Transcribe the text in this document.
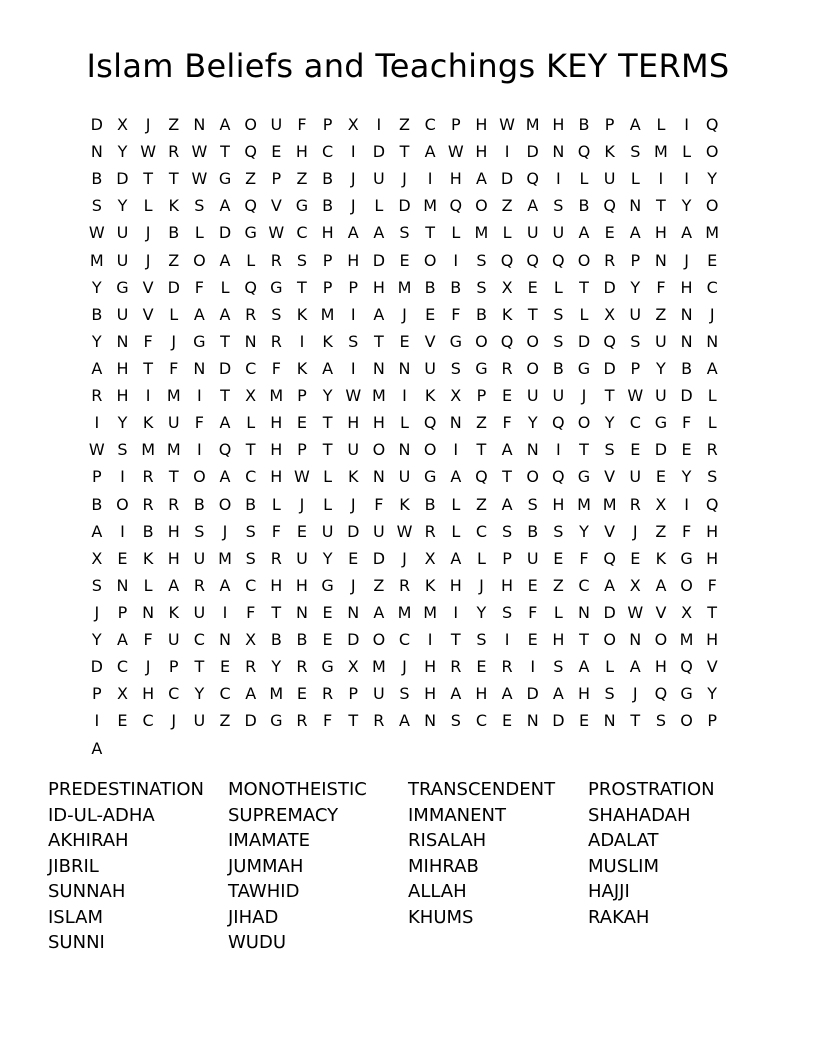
Islam Beliefs and Teachings KEY TERMS
D X	J	Z N A O U F	P X	I	Z C P H W M H B P A L	I	Q
N Y W R W T Q E H C	I	D T A W H	I	D N Q K S M L O
B D T T W G Z P Z B	J	U	J	I	H A D Q	I	L U L	I	I	Y
S Y	L K S A Q V G B	J	L D M Q O Z A S B Q N T Y O
W U	J	B L D G W C H A A S T	L M L U U A E A H A M
M U	J	Z O A L R S P H D E O	I	S Q Q Q O R P N	J	E
Y G V D F	L Q G T P P H M B B S X E	L	T D Y	F H C
B U V L A A R S K M	I	A	J	E F B K T S	L X U Z N	J
Y N F	J	G T N R	I	K S T E V G O Q O S D Q S U N N
A H T	F N D C F K A	I	N N U S G R O B G D P Y B A
R H	I	M	I	T X M P Y W M	I	K X P E U U	J	T W U D L
I	Y K U F A L H E T H H L Q N Z F	Y Q O Y C G F	L
W S M M	I	Q T H P T U O N O	I	T A N	I	T S E D E R
P	I	R T O A C H W L K N U G A Q T O Q G V U E Y S
B O R R B O B L	J	L	J	F K B L Z A S H M M R X	I	Q
A	I	B H S	J	S F E U D U W R L C S B S Y V	J	Z F H
X E K H U M S R U Y E D	J	X A L	P U E F Q E K G H
S N L A R A C H H G	J	Z R K H	J	H E Z C A X A O F
J	P N K U	I	F	T N E N A M M	I	Y S F	L N D W V X T
Y A F U C N X B B E D O C	I	T S	I	E H T O N O M H
D C	J	P T E R Y R G X M	J	H R E R	I	S A L A H Q V
P X H C Y C A M E R P U S H A H A D A H S	J	Q G Y
I	E C	J	U Z D G R F	T R A N S C E N D E N T S O P
A
PREDESTINATION	MONOTHEISTIC	TRANSCENDENT	PROSTRATION
ID-UL-ADHA	SUPREMACY	IMMANENT	SHAHADAH
AKHIRAH	IMAMATE	RISALAH	ADALAT
JIBRIL	JUMMAH	MIHRAB	MUSLIM
SUNNAH	TAWHID	ALLAH	HAJJI
ISLAM	JIHAD	KHUMS	RAKAH
SUNNI	WUDU
